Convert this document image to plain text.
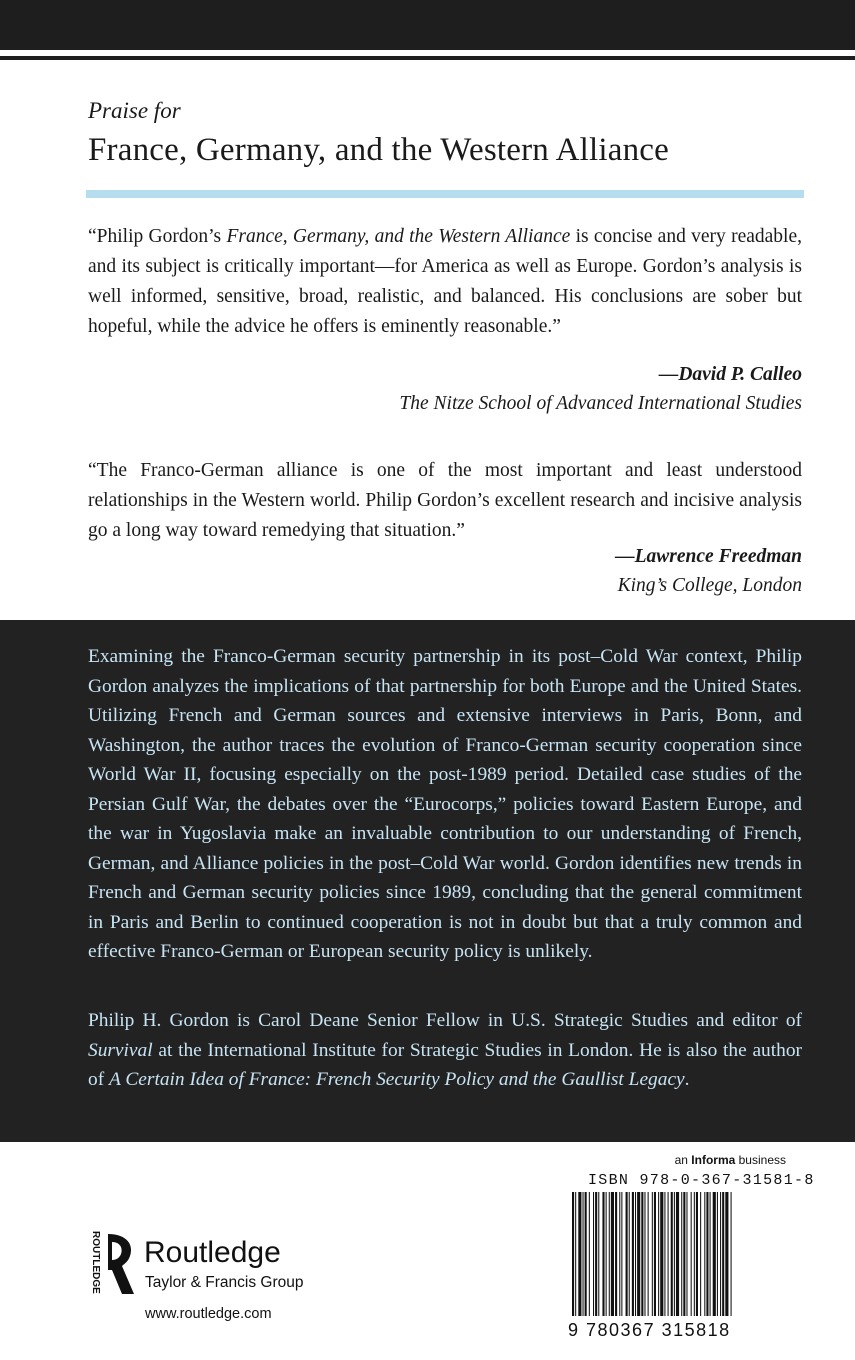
Praise for
France, Germany, and the Western Alliance
“Philip Gordon’s France, Germany, and the Western Alliance is concise and very readable, and its subject is critically important—for America as well as Europe. Gordon’s analysis is well informed, sensitive, broad, realistic, and balanced. His conclusions are sober but hopeful, while the advice he offers is eminently reasonable.”
—David P. Calleo
The Nitze School of Advanced International Studies
“The Franco-German alliance is one of the most important and least understood relationships in the Western world. Philip Gordon’s excellent research and incisive analysis go a long way toward remedying that situation.”
—Lawrence Freedman
King’s College, London
Examining the Franco-German security partnership in its post–Cold War context, Philip Gordon analyzes the implications of that partnership for both Europe and the United States. Utilizing French and German sources and extensive interviews in Paris, Bonn, and Washington, the author traces the evolution of Franco-German security cooperation since World War II, focusing especially on the post-1989 period. Detailed case studies of the Persian Gulf War, the debates over the “Eurocorps,” policies toward Eastern Europe, and the war in Yugoslavia make an invaluable contribution to our understanding of French, German, and Alliance policies in the post–Cold War world. Gordon identifies new trends in French and German security policies since 1989, concluding that the general commitment in Paris and Berlin to continued cooperation is not in doubt but that a truly common and effective Franco-German or European security policy is unlikely.
Philip H. Gordon is Carol Deane Senior Fellow in U.S. Strategic Studies and editor of Survival at the International Institute for Strategic Studies in London. He is also the author of A Certain Idea of France: French Security Policy and the Gaullist Legacy.
ROUTLEDGE Routledge
Taylor & Francis Group
www.routledge.com
an Informa business
ISBN 978-0-367-31581-8
9 780367 315818
